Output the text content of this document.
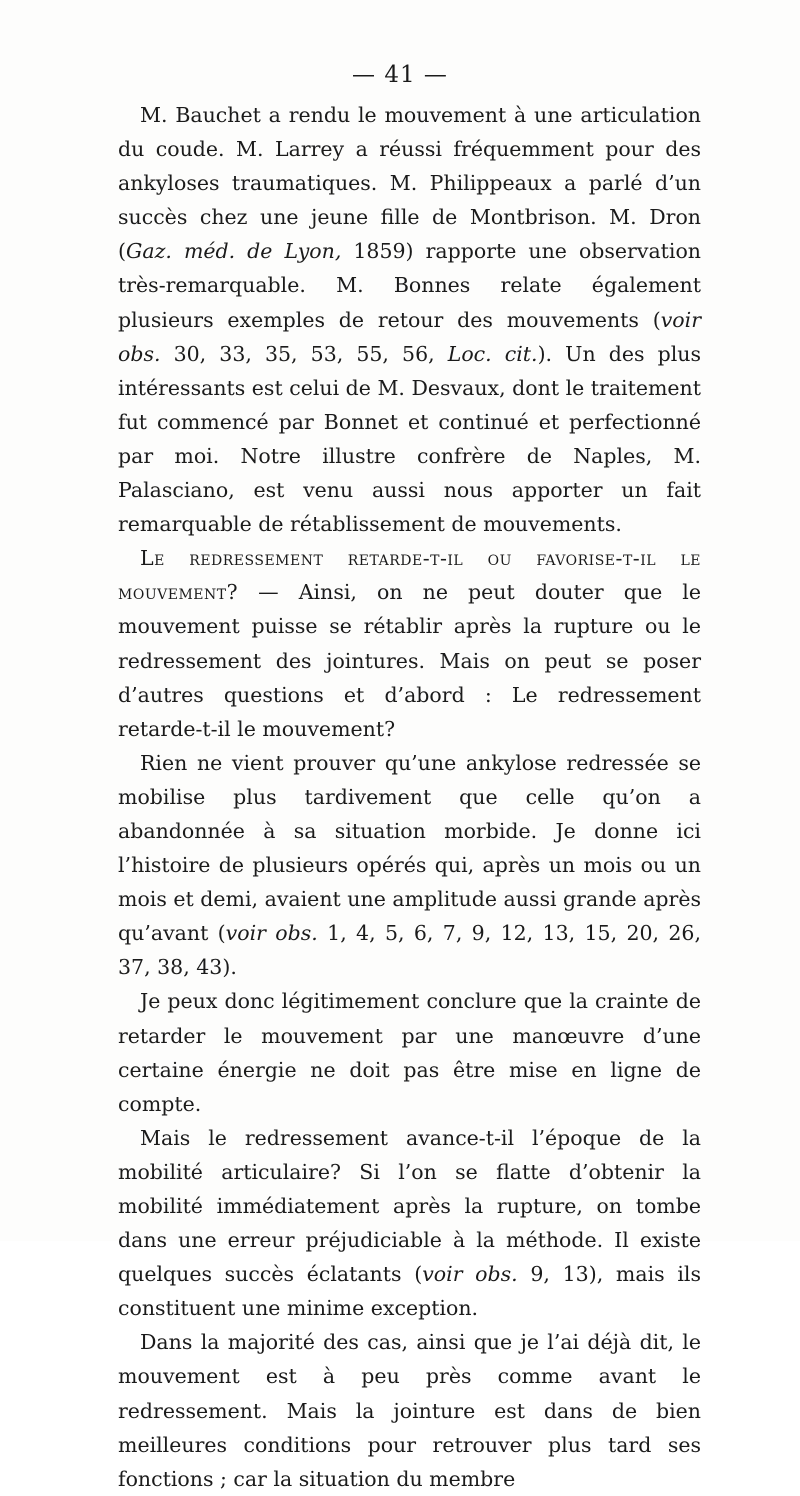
— 41 —

M. Bauchet a rendu le mouvement à une articulation du coude. M. Larrey a réussi fréquemment pour des ankyloses traumatiques. M. Philippeaux a parlé d’un succès chez une jeune fille de Montbrison. M. Dron (Gaz. méd. de Lyon, 1859) rapporte une observation très-remarquable. M. Bonnes relate également plusieurs exemples de retour des mouvements (voir obs. 30, 33, 35, 53, 55, 56, Loc. cit.). Un des plus intéressants est celui de M. Desvaux, dont le traitement fut commencé par Bonnet et continué et perfectionné par moi. Notre illustre confrère de Naples, M. Palasciano, est venu aussi nous apporter un fait remarquable de rétablissement de mouvements.

Le redressement retarde-t-il ou favorise-t-il le mouvement? — Ainsi, on ne peut douter que le mouvement puisse se rétablir après la rupture ou le redressement des jointures. Mais on peut se poser d’autres questions et d’abord : Le redressement retarde-t-il le mouvement?

Rien ne vient prouver qu’une ankylose redressée se mobilise plus tardivement que celle qu’on a abandonnée à sa situation morbide. Je donne ici l’histoire de plusieurs opérés qui, après un mois ou un mois et demi, avaient une amplitude aussi grande après qu’avant (voir obs. 1, 4, 5, 6, 7, 9, 12, 13, 15, 20, 26, 37, 38, 43).

Je peux donc légitimement conclure que la crainte de retarder le mouvement par une manœuvre d’une certaine énergie ne doit pas être mise en ligne de compte.

Mais le redressement avance-t-il l’époque de la mobilité articulaire? Si l’on se flatte d’obtenir la mobilité immédiatement après la rupture, on tombe dans une erreur préjudiciable à la méthode. Il existe quelques succès éclatants (voir obs. 9, 13), mais ils constituent une minime exception.

Dans la majorité des cas, ainsi que je l’ai déjà dit, le mouvement est à peu près comme avant le redressement. Mais la jointure est dans de bien meilleures conditions pour retrouver plus tard ses fonctions ; car la situation du membre
